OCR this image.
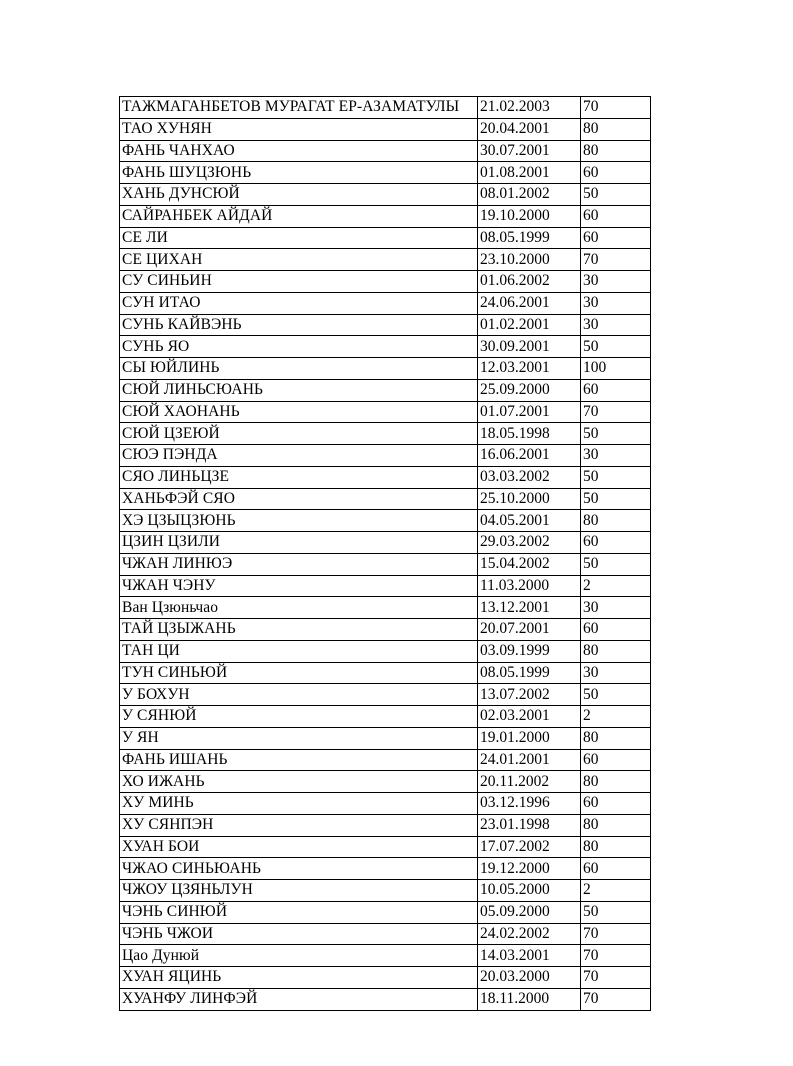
ТАЖМАГАНБЕТОВ МУРАГАТ ЕР-АЗАМАТУЛЫ	21.02.2003	70
ТАО ХУНЯН	20.04.2001	80
ФАНЬ ЧАНХАО	30.07.2001	80
ФАНЬ ШУЦЗЮНЬ	01.08.2001	60
ХАНЬ ДУНСЮЙ	08.01.2002	50
САЙРАНБЕК АЙДАЙ	19.10.2000	60
СЕ ЛИ	08.05.1999	60
СЕ ЦИХАН	23.10.2000	70
СУ СИНЬИН	01.06.2002	30
СУН ИТАО	24.06.2001	30
СУНЬ КАЙВЭНЬ	01.02.2001	30
СУНЬ ЯО	30.09.2001	50
СЫ ЮЙЛИНЬ	12.03.2001	100
СЮЙ ЛИНЬСЮАНЬ	25.09.2000	60
СЮЙ ХАОНАНЬ	01.07.2001	70
СЮЙ ЦЗЕЮЙ	18.05.1998	50
СЮЭ ПЭНДА	16.06.2001	30
СЯО ЛИНЬЦЗЕ	03.03.2002	50
ХАНЬФЭЙ СЯО	25.10.2000	50
ХЭ ЦЗЫЦЗЮНЬ	04.05.2001	80
ЦЗИН ЦЗИЛИ	29.03.2002	60
ЧЖАН ЛИНЮЭ	15.04.2002	50
ЧЖАН ЧЭНУ	11.03.2000	2
Ван Цзюньчао	13.12.2001	30
ТАЙ ЦЗЫЖАНЬ	20.07.2001	60
ТАН ЦИ	03.09.1999	80
ТУН СИНЬЮЙ	08.05.1999	30
У БОХУН	13.07.2002	50
У СЯНЮЙ	02.03.2001	2
У ЯН	19.01.2000	80
ФАНЬ ИШАНЬ	24.01.2001	60
ХО ИЖАНЬ	20.11.2002	80
ХУ МИНЬ	03.12.1996	60
ХУ СЯНПЭН	23.01.1998	80
ХУАН БОИ	17.07.2002	80
ЧЖАО СИНЬЮАНЬ	19.12.2000	60
ЧЖОУ ЦЗЯНЬЛУН	10.05.2000	2
ЧЭНЬ СИНЮЙ	05.09.2000	50
ЧЭНЬ ЧЖОИ	24.02.2002	70
Цао Дунюй	14.03.2001	70
ХУАН ЯЦИНЬ	20.03.2000	70
ХУАНФУ ЛИНФЭЙ	18.11.2000	70
